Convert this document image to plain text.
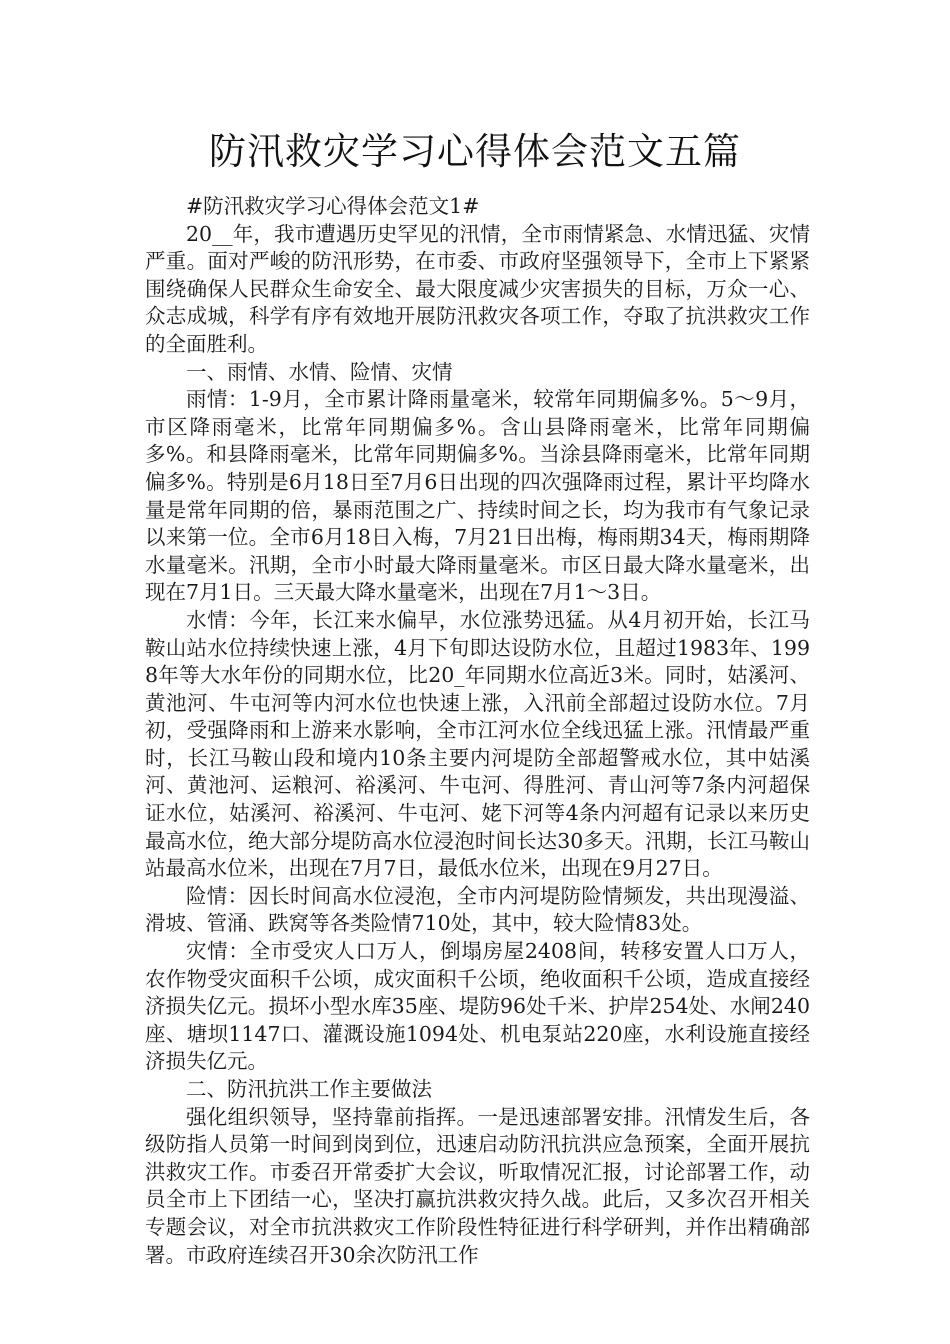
防汛救灾学习心得体会范文五篇

#防汛救灾学习心得体会范文1#

20__年，我市遭遇历史罕见的汛情，全市雨情紧急、水情迅猛、灾情严重。面对严峻的防汛形势，在市委、市政府坚强领导下，全市上下紧紧围绕确保人民群众生命安全、最大限度减少灾害损失的目标，万众一心、众志成城，科学有序有效地开展防汛救灾各项工作，夺取了抗洪救灾工作的全面胜利。

一、雨情、水情、险情、灾情

雨情：1-9月，全市累计降雨量毫米，较常年同期偏多%。5～9月，市区降雨毫米，比常年同期偏多%。含山县降雨毫米，比常年同期偏多%。和县降雨毫米，比常年同期偏多%。当涂县降雨毫米，比常年同期偏多%。特别是6月18日至7月6日出现的四次强降雨过程，累计平均降水量是常年同期的倍，暴雨范围之广、持续时间之长，均为我市有气象记录以来第一位。全市6月18日入梅，7月21日出梅，梅雨期34天，梅雨期降水量毫米。汛期，全市小时最大降雨量毫米。市区日最大降水量毫米，出现在7月1日。三天最大降水量毫米，出现在7月1～3日。

水情：今年，长江来水偏早，水位涨势迅猛。从4月初开始，长江马鞍山站水位持续快速上涨，4月下旬即达设防水位，且超过1983年、1998年等大水年份的同期水位，比20_年同期水位高近3米。同时，姑溪河、黄池河、牛屯河等内河水位也快速上涨，入汛前全部超过设防水位。7月初，受强降雨和上游来水影响，全市江河水位全线迅猛上涨。汛情最严重时，长江马鞍山段和境内10条主要内河堤防全部超警戒水位，其中姑溪河、黄池河、运粮河、裕溪河、牛屯河、得胜河、青山河等7条内河超保证水位，姑溪河、裕溪河、牛屯河、姥下河等4条内河超有记录以来历史最高水位，绝大部分堤防高水位浸泡时间长达30多天。汛期，长江马鞍山站最高水位米，出现在7月7日，最低水位米，出现在9月27日。

险情：因长时间高水位浸泡，全市内河堤防险情频发，共出现漫溢、滑坡、管涌、跌窝等各类险情710处，其中，较大险情83处。

灾情：全市受灾人口万人，倒塌房屋2408间，转移安置人口万人，农作物受灾面积千公顷，成灾面积千公顷，绝收面积千公顷，造成直接经济损失亿元。损坏小型水库35座、堤防96处千米、护岸254处、水闸240座、塘坝1147口、灌溉设施1094处、机电泵站220座，水利设施直接经济损失亿元。

二、防汛抗洪工作主要做法

强化组织领导，坚持靠前指挥。一是迅速部署安排。汛情发生后，各级防指人员第一时间到岗到位，迅速启动防汛抗洪应急预案，全面开展抗洪救灾工作。市委召开常委扩大会议，听取情况汇报，讨论部署工作，动员全市上下团结一心，坚决打赢抗洪救灾持久战。此后，又多次召开相关专题会议，对全市抗洪救灾工作阶段性特征进行科学研判，并作出精确部署。市政府连续召开30余次防汛工作
